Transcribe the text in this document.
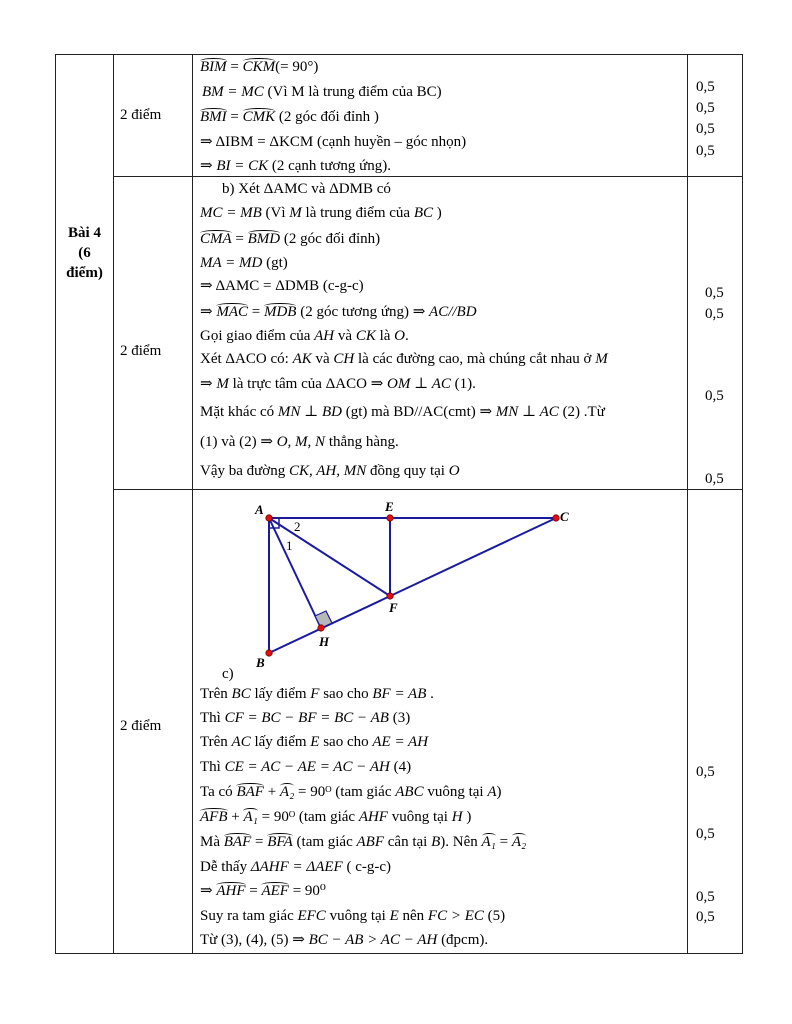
Bài 4
(6
điểm)
2 điểm
BIM = CKM(= 90°)
BM = MC (Vì M là trung điểm của BC)
BMI = CMK (2 góc đối đỉnh )
⇒ ΔIBM = ΔKCM (cạnh huyền – góc nhọn)
⇒ BI = CK (2 cạnh tương ứng).
0,5
0,5
0,5
0,5
2 điểm
b) Xét ΔAMC và ΔDMB có
MC = MB (Vì M là trung điểm của BC )
CMA = BMD (2 góc đối đỉnh)
MA = MD (gt)
⇒ ΔAMC = ΔDMB (c-g-c)
⇒ MAC = MDB (2 góc tương ứng) ⇒ AC//BD
Gọi giao điểm của AH và CK là O.
Xét ΔACO có: AK và CH là các đường cao, mà chúng cắt nhau ở M
⇒ M là trực tâm của ΔACO ⇒ OM ⊥ AC (1).
Mặt khác có MN ⊥ BD (gt) mà BD//AC(cmt) ⇒ MN ⊥ AC (2) .Từ
(1) và (2) ⇒ O, M, N thẳng hàng.
Vậy ba đường CK, AH, MN đồng quy tại O
0,5
0,5
0,5
0,5
2 điểm
A	E
C
F
H
B
2
1
c)
Trên BC lấy điểm F sao cho BF = AB .
Thì CF = BC − BF = BC − AB (3)
Trên AC lấy điểm E sao cho AE = AH
Thì CE = AC − AE = AC − AH (4)
Ta có BAF + A₂ = 90ᴼ (tam giác ABC vuông tại A)
AFB + A₁ = 90ᴼ (tam giác AHF vuông tại H )
Mà BAF = BFA (tam giác ABF cân tại B). Nên A₁ = A₂
Dễ thấy ΔAHF = ΔAEF ( c-g-c)
⇒ AHF = AEF = 90⁰
Suy ra tam giác EFC vuông tại E nên FC > EC (5)
Từ (3), (4), (5) ⇒ BC − AB > AC − AH (đpcm).
0,5
0,5
0,5
0,5
